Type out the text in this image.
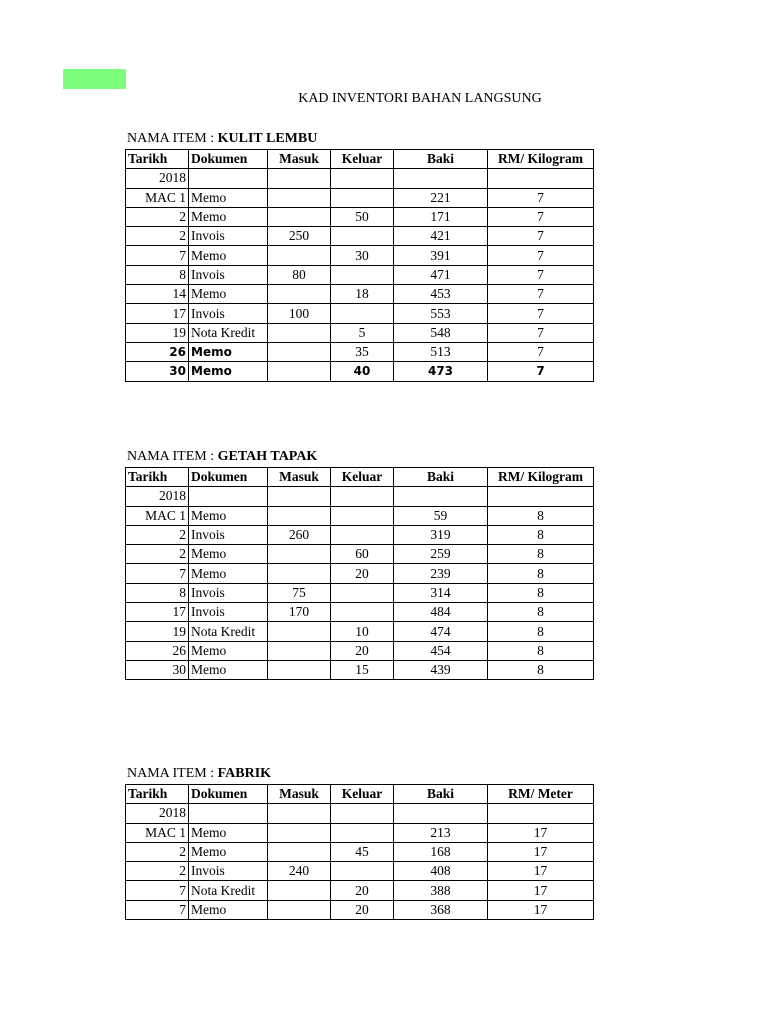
KAD INVENTORI BAHAN LANGSUNG
NAMA ITEM : KULIT LEMBU
Tarikh	Dokumen	Masuk	Keluar	Baki	RM/ Kilogram
2018					
MAC 1	Memo			221	7
2	Memo		50	171	7
2	Invois	250		421	7
7	Memo		30	391	7
8	Invois	80		471	7
14	Memo		18	453	7
17	Invois	100		553	7
19	Nota Kredit		5	548	7
26	Memo		35	513	7
30	Memo		40	473	7
NAMA ITEM : GETAH TAPAK
Tarikh	Dokumen	Masuk	Keluar	Baki	RM/ Kilogram
2018					
MAC 1	Memo			59	8
2	Invois	260		319	8
2	Memo		60	259	8
7	Memo		20	239	8
8	Invois	75		314	8
17	Invois	170		484	8
19	Nota Kredit		10	474	8
26	Memo		20	454	8
30	Memo		15	439	8
NAMA ITEM : FABRIK
Tarikh	Dokumen	Masuk	Keluar	Baki	RM/ Meter
2018					
MAC 1	Memo			213	17
2	Memo		45	168	17
2	Invois	240		408	17
7	Nota Kredit		20	388	17
7	Memo		20	368	17
